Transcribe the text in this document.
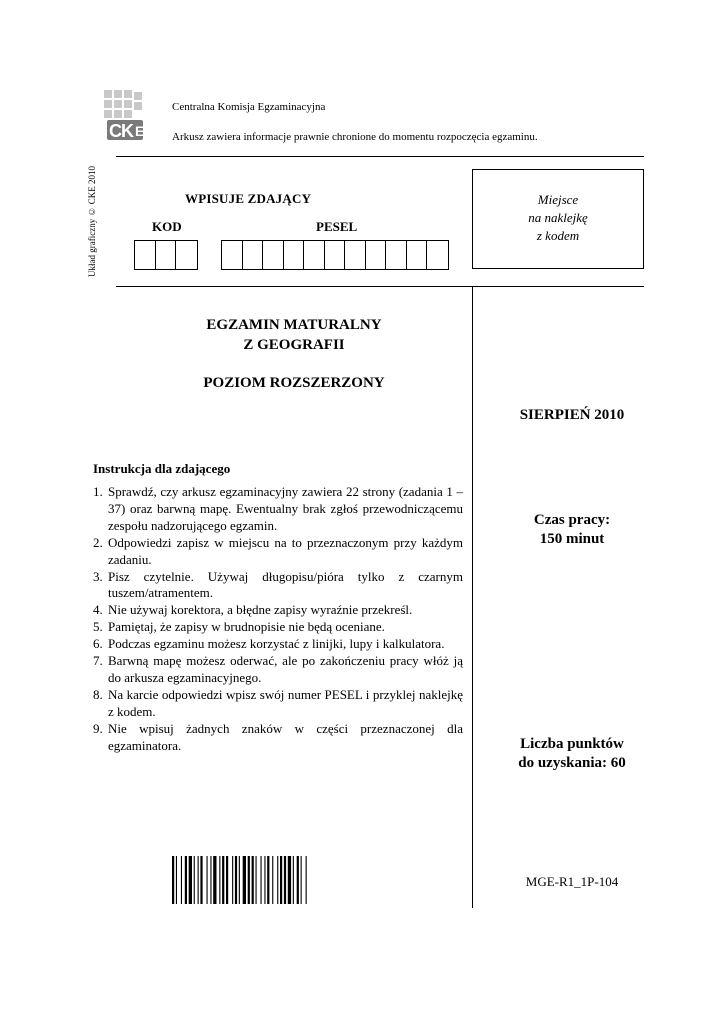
CK E
Centralna Komisja Egzaminacyjna
Arkusz zawiera informacje prawnie chronione do momentu rozpoczęcia egzaminu.
Układ graficzny © CKE 2010	WPISUJE ZDAJĄCY
KOD	PESEL
Miejsce
na naklejkę
z kodem
EGZAMIN MATURALNY
Z GEOGRAFII
POZIOM ROZSZERZONY
SIERPIEŃ 2010
Instrukcja dla zdającego
1. Sprawdź, czy arkusz egzaminacyjny zawiera 22 strony (zadania 1 – 37) oraz barwną mapę. Ewentualny brak zgłoś przewodniczącemu zespołu nadzorującego egzamin.
2. Odpowiedzi zapisz w miejscu na to przeznaczonym przy każdym zadaniu.
3. Pisz czytelnie. Używaj długopisu/pióra tylko z czarnym tuszem/atramentem.
4. Nie używaj korektora, a błędne zapisy wyraźnie przekreśl.
5. Pamiętaj, że zapisy w brudnopisie nie będą oceniane.
6. Podczas egzaminu możesz korzystać z linijki, lupy i kalkulatora.
7. Barwną mapę możesz oderwać, ale po zakończeniu pracy włóż ją do arkusza egzaminacyjnego.
8. Na karcie odpowiedzi wpisz swój numer PESEL i przyklej naklejkę z kodem.
9. Nie wpisuj żadnych znaków w części przeznaczonej dla egzaminatora.
Czas pracy:
150 minut
Liczba punktów
do uzyskania: 60
MGE-R1_1P-104
